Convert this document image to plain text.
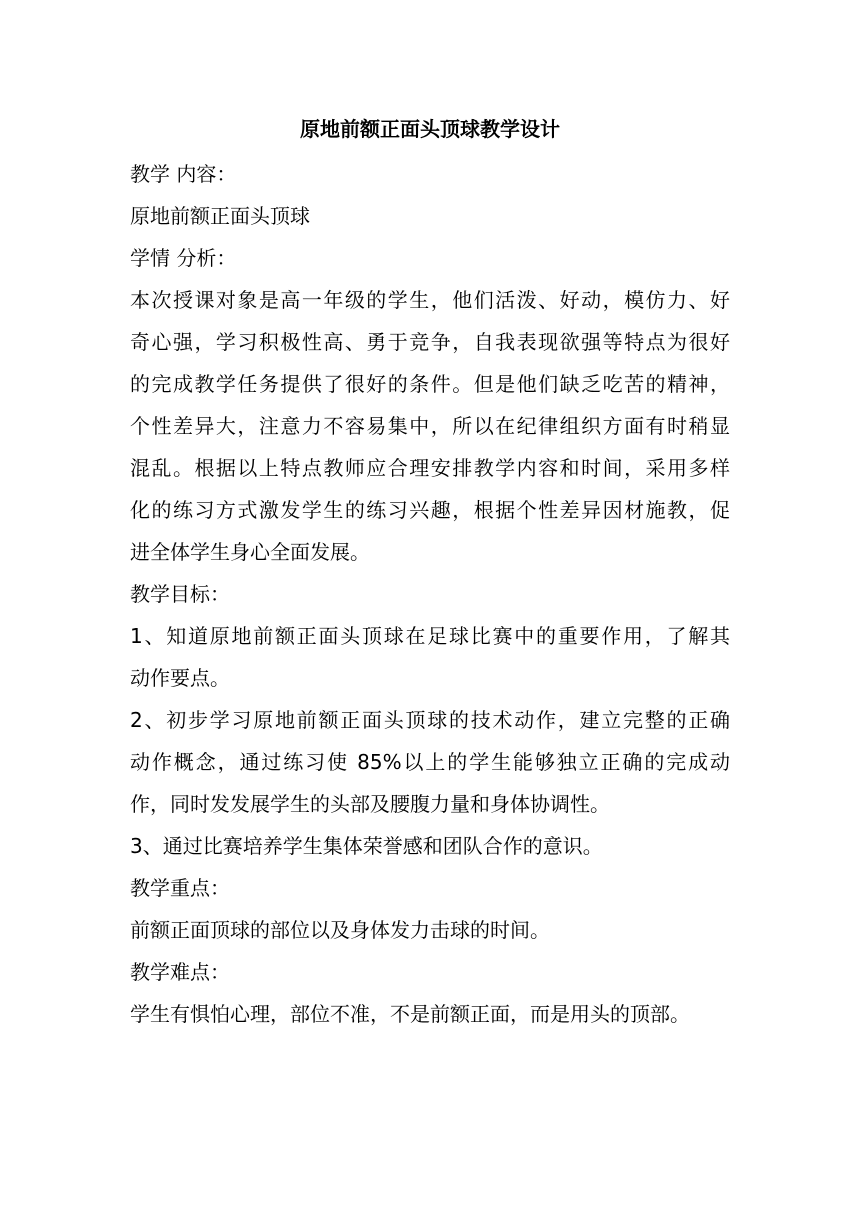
原地前额正面头顶球教学设计

教学 内容：

原地前额正面头顶球

学情 分析：

本次授课对象是高一年级的学生，他们活泼、好动，模仿力、好
奇心强，学习积极性高、勇于竞争，自我表现欲强等特点为很好
的完成教学任务提供了很好的条件。但是他们缺乏吃苦的精神，
个性差异大，注意力不容易集中，所以在纪律组织方面有时稍显
混乱。根据以上特点教师应合理安排教学内容和时间，采用多样
化的练习方式激发学生的练习兴趣，根据个性差异因材施教，促
进全体学生身心全面发展。

教学目标：

1、知道原地前额正面头顶球在足球比赛中的重要作用，了解其
动作要点。
2、初步学习原地前额正面头顶球的技术动作，建立完整的正确
动作概念，通过练习使 85%以上的学生能够独立正确的完成动
作，同时发发展学生的头部及腰腹力量和身体协调性。

3、通过比赛培养学生集体荣誉感和团队合作的意识。

教学重点：

前额正面顶球的部位以及身体发力击球的时间。

教学难点：

学生有惧怕心理，部位不准，不是前额正面，而是用头的顶部。
